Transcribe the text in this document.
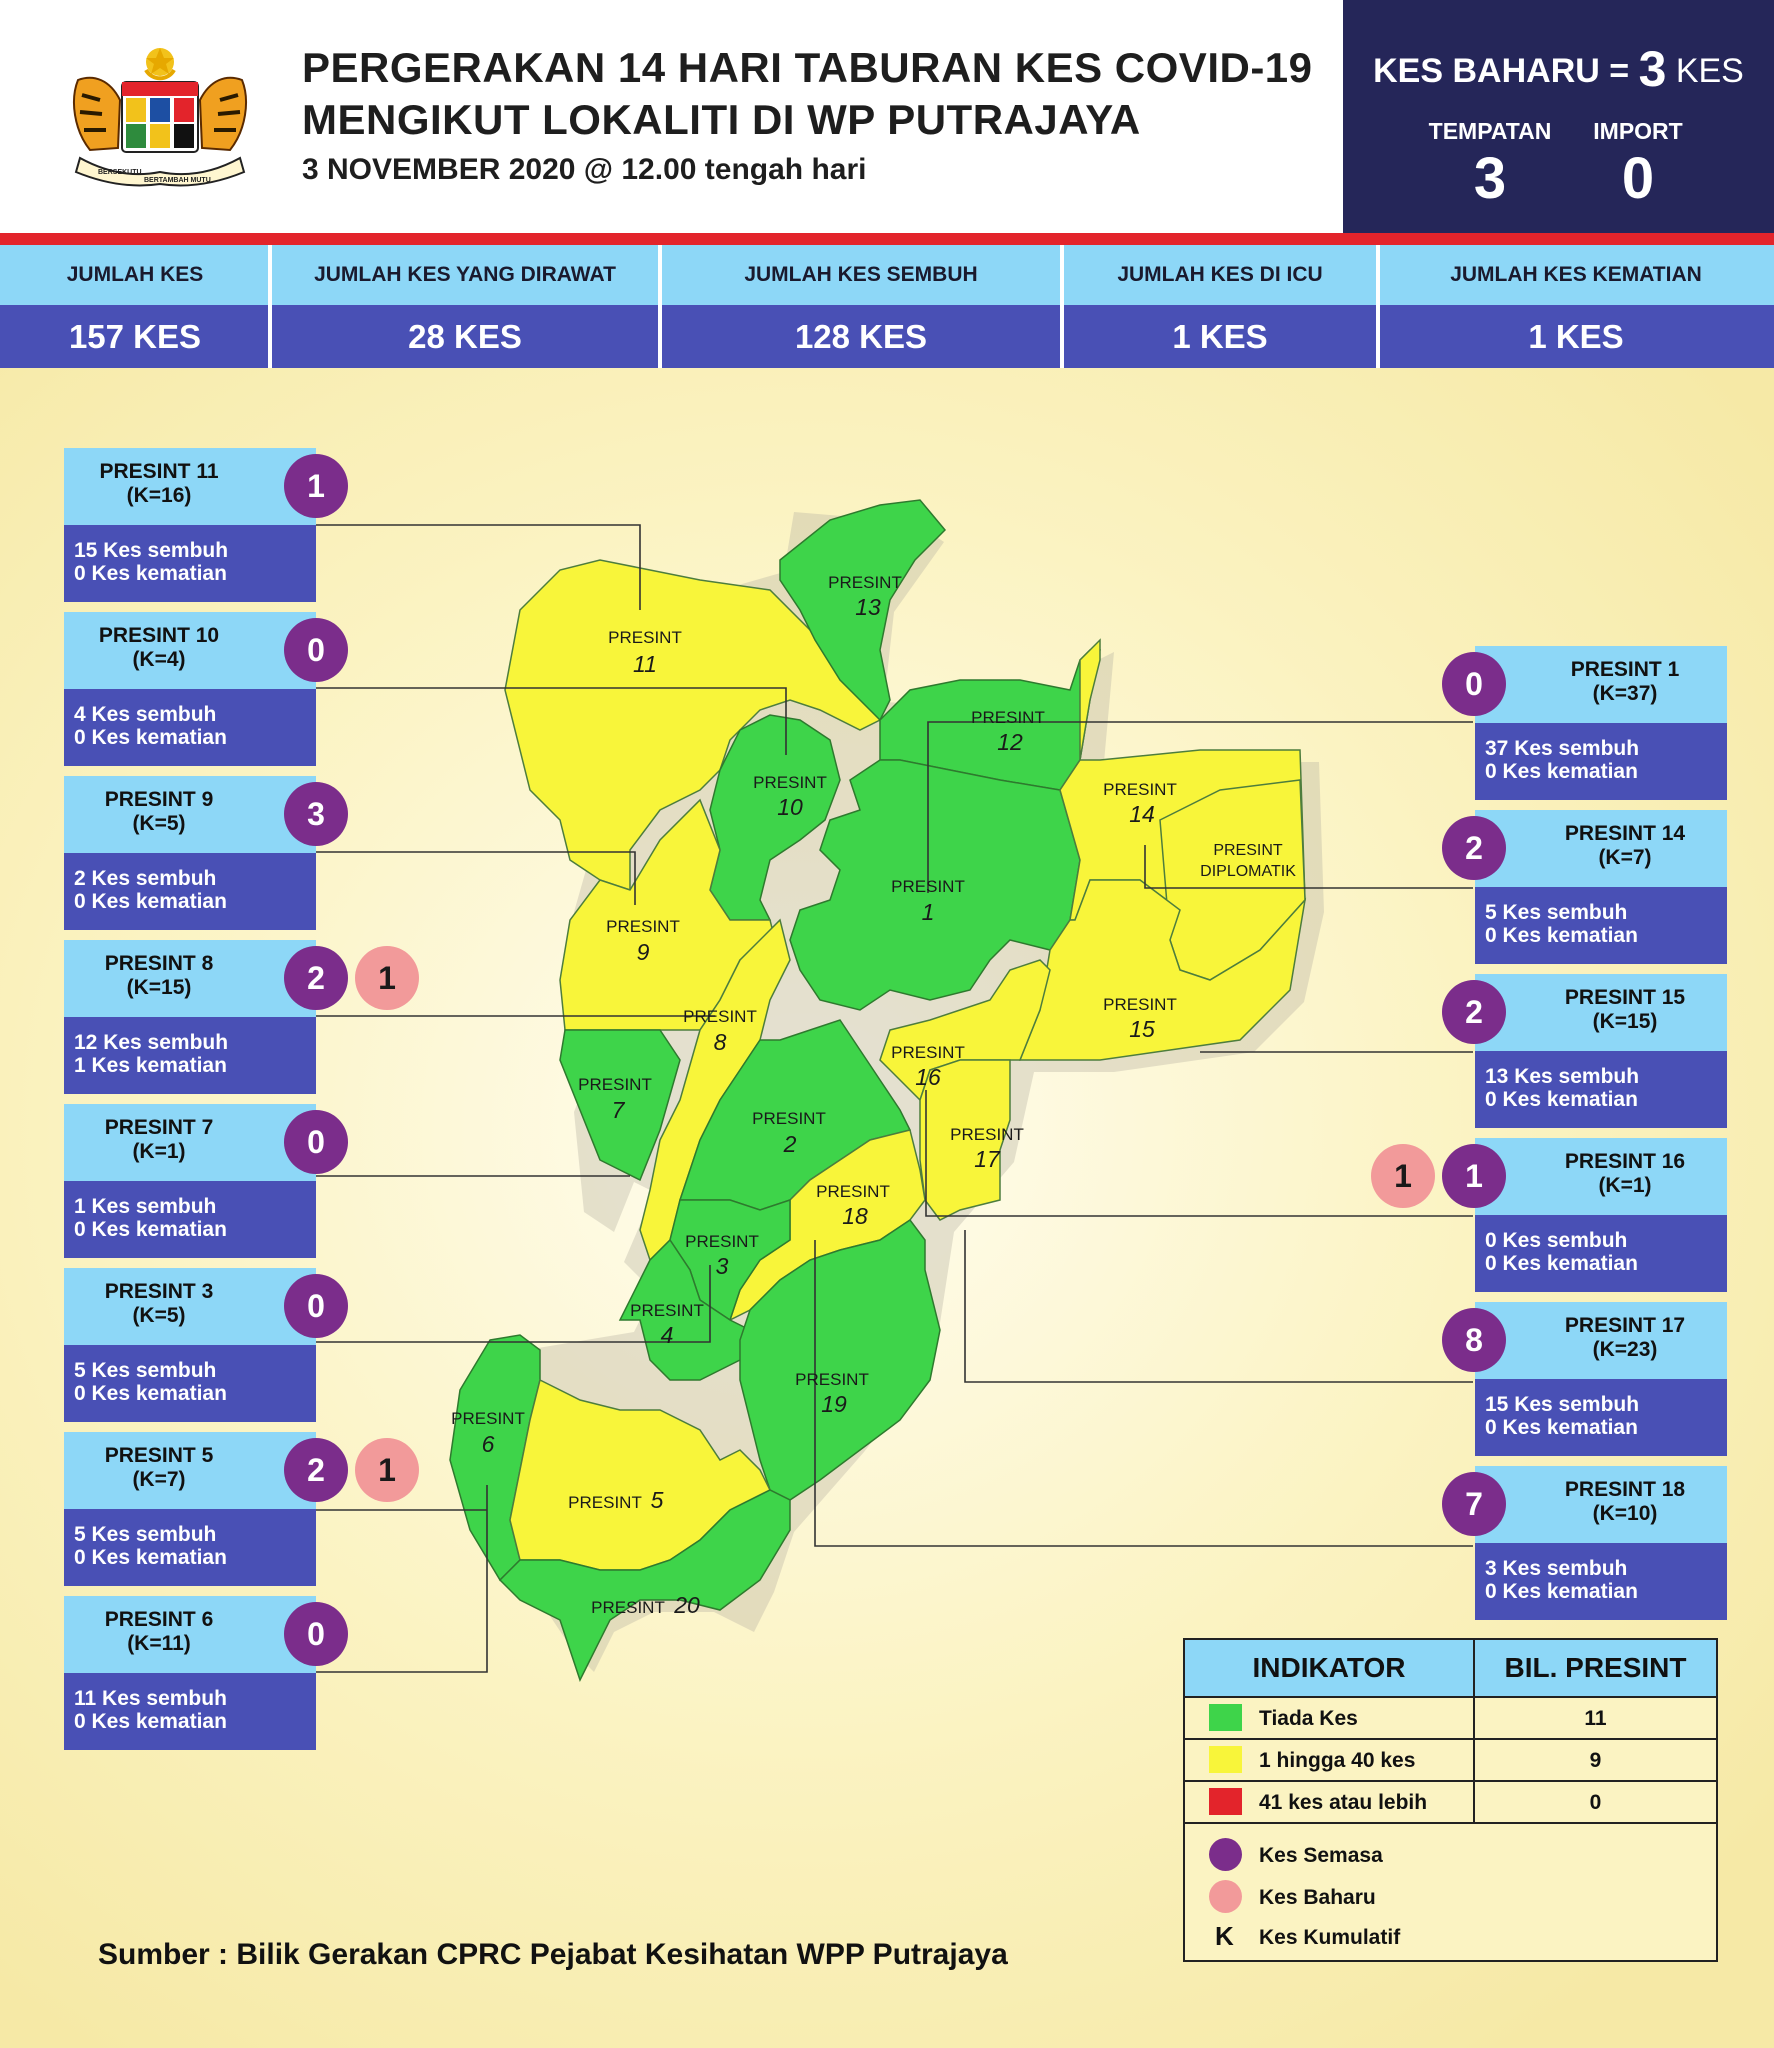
BERSEKUTU
BERTAMBAH MUTU
PERGERAKAN 14 HARI TABURAN KES COVID-19
MENGIKUT LOKALITI DI WP PUTRAJAYA
3 NOVEMBER 2020 @ 12.00 tengah hari
KES BAHARU = 3 KES
TEMPATAN
3
IMPORT
0
JUMLAH KES
157 KES
JUMLAH KES YANG DIRAWAT
28 KES
JUMLAH KES SEMBUH
128 KES
JUMLAH KES DI ICU
1 KES
JUMLAH KES KEMATIAN
1 KES
PRESINT
11
PRESINT
13
PRESINT
10
PRESINT
12
PRESINT
1
PRESINT
14
PRESINT
DIPLOMATIK
PRESINT
9
PRESINT
8
PRESINT
15
PRESINT
16
PRESINT
7	PRESINT
2	PRESINT
17
PRESINT
18
PRESINT
3
PRESINT
4
PRESINT
19
PRESINT
6
PRESINT 5
PRESINT 20
PRESINT 11
(K=16)	1
15 Kes sembuh
0 Kes kematian
PRESINT 10
(K=4)	0
4 Kes sembuh
0 Kes kematian
PRESINT 9
(K=5)	3
2 Kes sembuh
0 Kes kematian
PRESINT 8
(K=15)	2	1
12 Kes sembuh
1 Kes kematian
PRESINT 7
(K=1)	0
1 Kes sembuh
0 Kes kematian
PRESINT 3
(K=5)	0
5 Kes sembuh
0 Kes kematian
PRESINT 5
(K=7)	2	1
5 Kes sembuh
0 Kes kematian
PRESINT 6
(K=11)	0
11 Kes sembuh
0 Kes kematian
PRESINT 1
(K=37)
0
37 Kes sembuh
0 Kes kematian
PRESINT 14
(K=7)
2
5 Kes sembuh
0 Kes kematian
PRESINT 15
(K=15)
2
13 Kes sembuh
0 Kes kematian
PRESINT 16
(K=1)
1
1
0 Kes sembuh
0 Kes kematian
PRESINT 17
(K=23)
8
15 Kes sembuh
0 Kes kematian
PRESINT 18
(K=10)
7
3 Kes sembuh
0 Kes kematian
INDIKATOR	BIL. PRESINT
Tiada Kes	11
1 hingga 40 kes	9
41 kes atau lebih	0
Kes Semasa
Kes Baharu
K Kes Kumulatif
Sumber : Bilik Gerakan CPRC Pejabat Kesihatan WPP Putrajaya
